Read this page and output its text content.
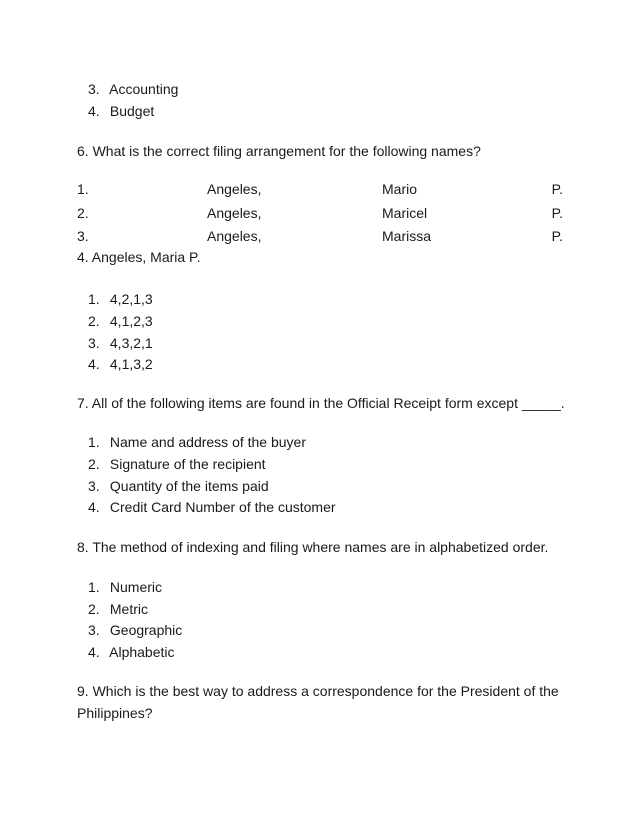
3. Accounting
4. Budget
6. What is the correct filing arrangement for the following names?
1.	Angeles,	Mario	P.
2.	Angeles,	Maricel	P.
3.	Angeles,	Marissa	P.
4. Angeles, Maria P.
1. 4,2,1,3
2. 4,1,2,3
3. 4,3,2,1
4. 4,1,3,2
7. All of the following items are found in the Official Receipt form except _____.
1. Name and address of the buyer
2. Signature of the recipient
3. Quantity of the items paid
4. Credit Card Number of the customer
8. The method of indexing and filing where names are in alphabetized order.
1. Numeric
2. Metric
3. Geographic
4. Alphabetic
9. Which is the best way to address a correspondence for the President of the
Philippines?
